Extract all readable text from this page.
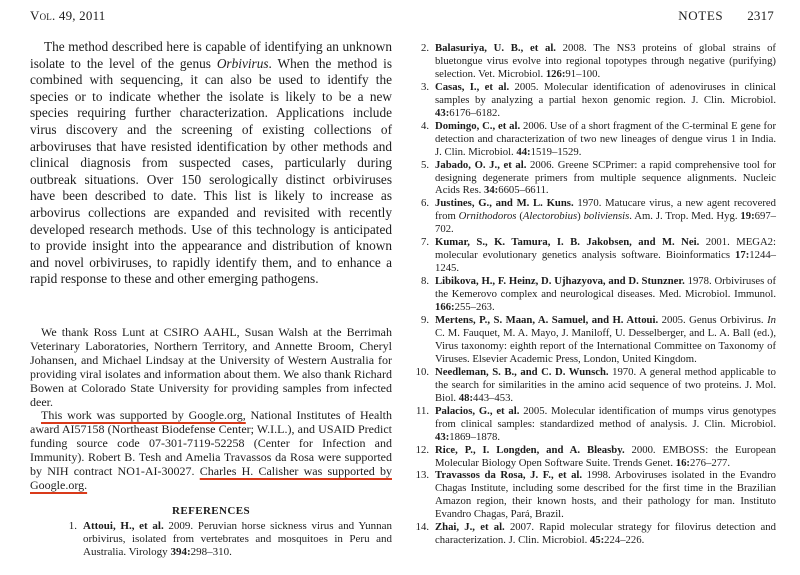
Vol. 49, 2011	NOTES 2317

The method described here is capable of identifying an unknown isolate to the level of the genus Orbivirus. When the method is combined with sequencing, it can also be used to identify the species or to indicate whether the isolate is likely to be a new species requiring further characterization. Applications include virus discovery and the screening of existing collections of arboviruses that have resisted identification by other methods and clinical diagnosis from suspected cases, particularly during outbreak situations. Over 150 serologically distinct orbiviruses have been described to date. This list is likely to increase as arbovirus collections are expanded and revisited with recently developed research methods. Use of this technology is anticipated to provide insight into the appearance and distribution of known and novel orbiviruses, to rapidly identify them, and to enhance a rapid response to these and other emerging pathogens.

We thank Ross Lunt at CSIRO AAHL, Susan Walsh at the Berrimah Veterinary Laboratories, Northern Territory, and Annette Broom, Cheryl Johansen, and Michael Lindsay at the University of Western Australia for providing viral isolates and information about them. We also thank Richard Bowen at Colorado State University for providing samples from infected deer.

This work was supported by Google.org, National Institutes of Health award AI57158 (Northeast Biodefense Center; W.I.L.), and USAID Predict funding source code 07-301-7119-52258 (Center for Infection and Immunity). Robert B. Tesh and Amelia Travassos da Rosa were supported by NIH contract NO1-AI-30027. Charles H. Calisher was supported by Google.org.

REFERENCES
1. Attoui, H., et al. 2009. Peruvian horse sickness virus and Yunnan orbivirus, isolated from vertebrates and mosquitoes in Peru and Australia. Virology 394:298–310.
2. Balasuriya, U. B., et al. 2008. The NS3 proteins of global strains of bluetongue virus evolve into regional topotypes through negative (purifying) selection. Vet. Microbiol. 126:91–100.
3. Casas, I., et al. 2005. Molecular identification of adenoviruses in clinical samples by analyzing a partial hexon genomic region. J. Clin. Microbiol. 43:6176–6182.
4. Domingo, C., et al. 2006. Use of a short fragment of the C-terminal E gene for detection and characterization of two new lineages of dengue virus 1 in India. J. Clin. Microbiol. 44:1519–1529.
5. Jabado, O. J., et al. 2006. Greene SCPrimer: a rapid comprehensive tool for designing degenerate primers from multiple sequence alignments. Nucleic Acids Res. 34:6605–6611.
6. Justines, G., and M. L. Kuns. 1970. Matucare virus, a new agent recovered from Ornithodoros (Alectorobius) boliviensis. Am. J. Trop. Med. Hyg. 19:697–702.
7. Kumar, S., K. Tamura, I. B. Jakobsen, and M. Nei. 2001. MEGA2: molecular evolutionary genetics analysis software. Bioinformatics 17:1244–1245.
8. Libikova, H., F. Heinz, D. Ujhazyova, and D. Stunzner. 1978. Orbiviruses of the Kemerovo complex and neurological diseases. Med. Microbiol. Immunol. 166:255–263.
9. Mertens, P., S. Maan, A. Samuel, and H. Attoui. 2005. Genus Orbivirus. In C. M. Fauquet, M. A. Mayo, J. Maniloff, U. Desselberger, and L. A. Ball (ed.), Virus taxonomy: eighth report of the International Committee on Taxonomy of Viruses. Elsevier Academic Press, London, United Kingdom.
10. Needleman, S. B., and C. D. Wunsch. 1970. A general method applicable to the search for similarities in the amino acid sequence of two proteins. J. Mol. Biol. 48:443–453.
11. Palacios, G., et al. 2005. Molecular identification of mumps virus genotypes from clinical samples: standardized method of analysis. J. Clin. Microbiol. 43:1869–1878.
12. Rice, P., I. Longden, and A. Bleasby. 2000. EMBOSS: the European Molecular Biology Open Software Suite. Trends Genet. 16:276–277.
13. Travassos da Rosa, J. F., et al. 1998. Arboviruses isolated in the Evandro Chagas Institute, including some described for the first time in the Brazilian Amazon region, their known hosts, and their pathology for man. Instituto Evandro Chagas, Pará, Brazil.
14. Zhai, J., et al. 2007. Rapid molecular strategy for filovirus detection and characterization. J. Clin. Microbiol. 45:224–226.
